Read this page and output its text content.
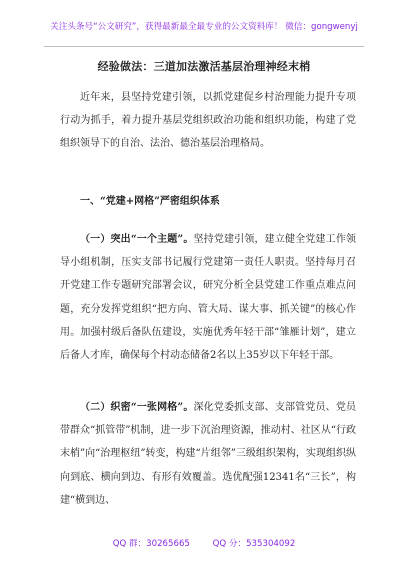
关注头条号“公文研究”，获得最新最全最专业的公文资料库！ 微信：gongwenyj
经验做法：三道加法激活基层治理神经末梢

近年来，县坚持党建引领，以抓党建促乡村治理能力提升专项行动为抓手，着力提升基层党组织政治功能和组织功能，构建了党组织领导下的自治、法治、德治基层治理格局。

一、“党建+网格”严密组织体系

（一）突出“一个主题”。坚持党建引领，建立健全党建工作领导小组机制，压实支部书记履行党建第一责任人职责。坚持每月召开党建工作专题研究部署会议，研究分析全县党建工作重点难点问题，充分发挥党组织“把方向、管大局、谋大事、抓关键”的核心作用。加强村级后备队伍建设，实施优秀年轻干部“雏雁计划”，建立后备人才库，确保每个村动态储备2名以上35岁以下年轻干部。

（二）织密“一张网格”。深化党委抓支部、支部管党员、党员带群众“抓管带”机制，进一步下沉治理资源，推动村、社区从“行政末梢”向“治理枢纽”转变，构建“片组邻”三级组织架构，实现组织纵向到底、横向到边、有形有效覆盖。选优配强12341名“三长”，构建“横到边、

QQ 群：30265665	QQ 分：535304092
